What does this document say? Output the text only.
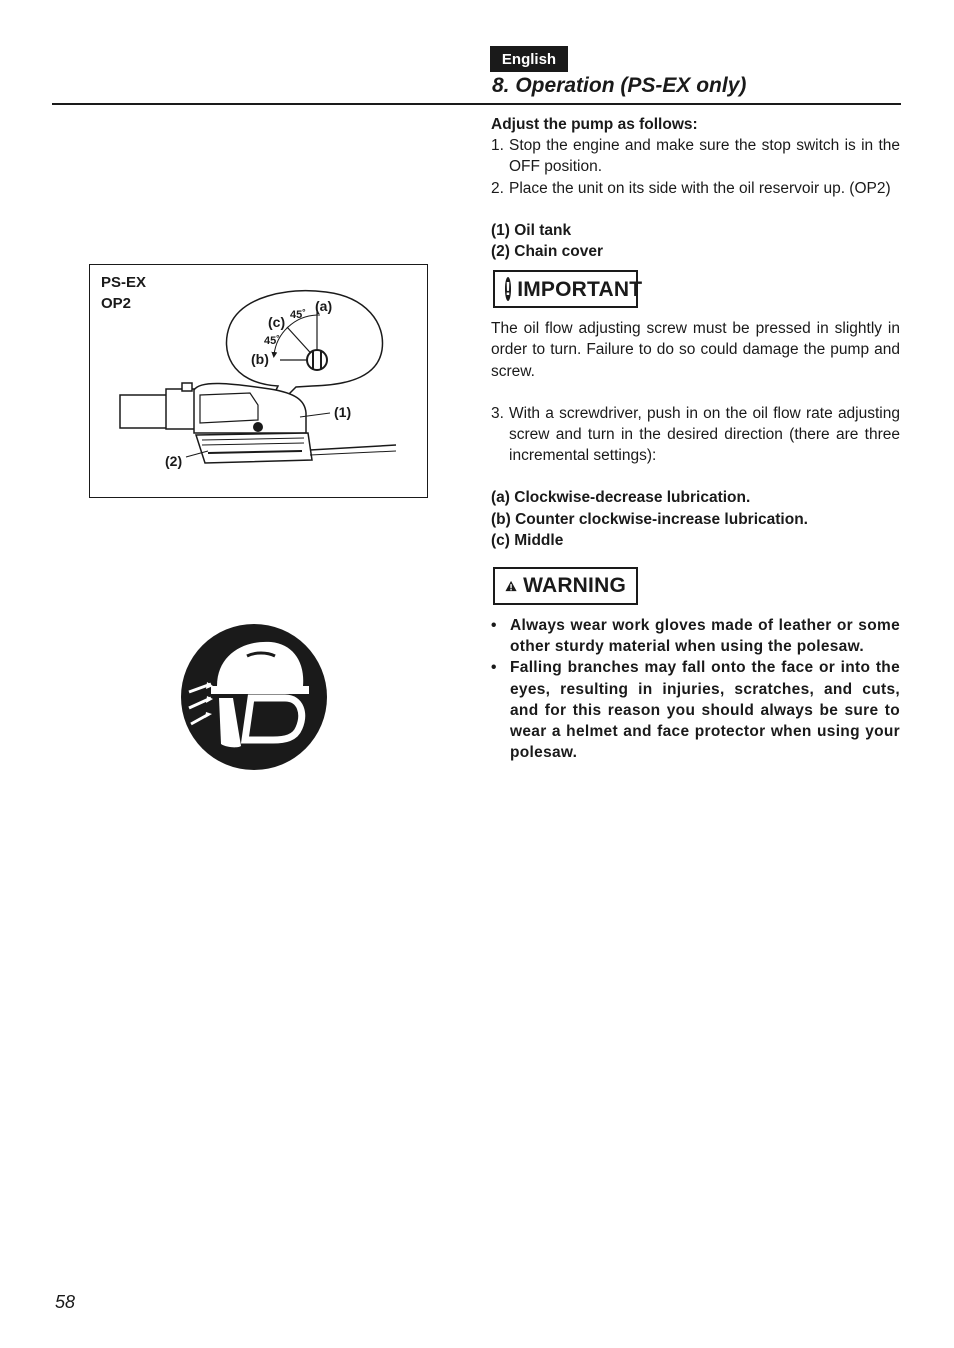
English
8. Operation (PS-EX only)
PS-EX
OP2	(a)
(c) 45˚
45˚
(b)
(1)
(2)

Adjust the pump as follows:

1. Stop the engine and make sure the stop switch is in the OFF position.
2. Place the unit on its side with the oil reservoir up. (OP2)

(1) Oil tank

(2) Chain cover

! IMPORTANT

The oil flow adjusting screw must be pressed in slightly in order to turn. Failure to do so could damage the pump and screw.

3. With a screwdriver, push in on the oil flow rate adjusting screw and turn in the desired direction (there are three incremental settings):

(a) Clockwise-decrease lubrication.

(b) Counter clockwise-increase lubrication.

(c) Middle

WARNING
• Always wear work gloves made of leather or some other sturdy material when using the polesaw.
• Falling branches may fall onto the face or into the eyes, resulting in injuries, scratches, and cuts, and for this reason you should always be sure to wear a helmet and face protector when using your polesaw.
58
